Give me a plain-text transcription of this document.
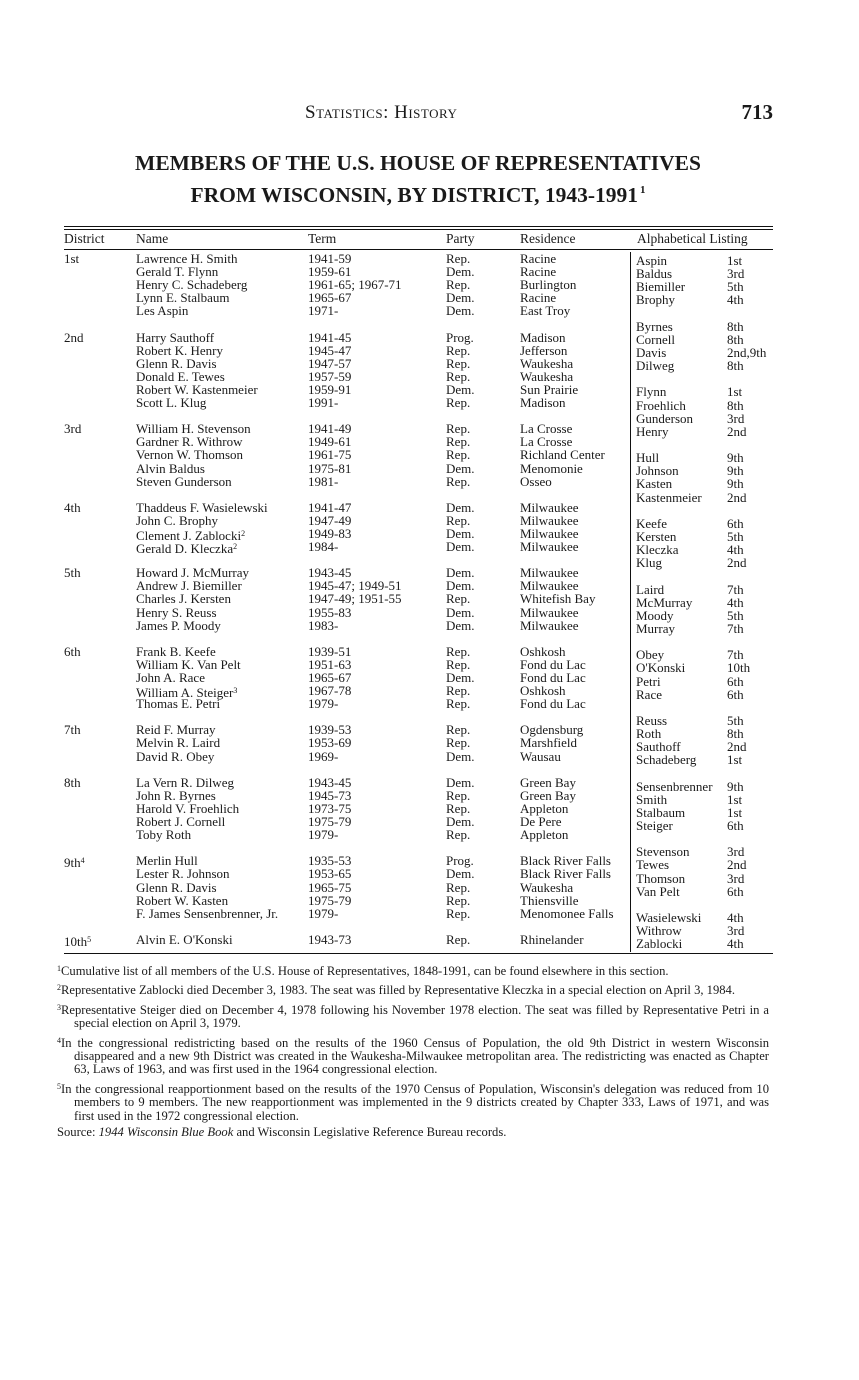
Statistics: History	713
MEMBERS OF THE U.S. HOUSE OF REPRESENTATIVES
FROM WISCONSIN, BY DISTRICT, 1943-1991 $^1$
District Name	Term	Party	Residence	Alphabetical Listing
1st	Lawrence H. Smith	1941-59	Rep.	Racine
Gerald T. Flynn	1959-61	Dem.	Racine
Henry C. Schadeberg	1961-65; 1967-71	Rep.	Burlington
Lynn E. Stalbaum	1965-67	Dem.	Racine
Les Aspin	1971-	Dem.	East Troy
2nd	Harry Sauthoff	1941-45	Prog.	Madison
Robert K. Henry	1945-47	Rep.	Jefferson
Glenn R. Davis	1947-57	Rep.	Waukesha
Donald E. Tewes	1957-59	Rep.	Waukesha
Robert W. Kastenmeier	1959-91	Dem.	Sun Prairie
Scott L. Klug	1991-	Rep.	Madison
3rd	William H. Stevenson	1941-49	Rep.	La Crosse
Gardner R. Withrow	1949-61	Rep.	La Crosse
Vernon W. Thomson	1961-75	Rep.	Richland Center
Alvin Baldus	1975-81	Dem.	Menomonie
Steven Gunderson	1981-	Rep.	Osseo
4th	Thaddeus F. Wasielewski	1941-47	Dem.	Milwaukee
John C. Brophy	1947-49	Rep.	Milwaukee
Clement J. Zablocki$^2$	1949-83	Dem.	Milwaukee
Gerald D. Kleczka$^2$	1984-	Dem.	Milwaukee
5th	Howard J. McMurray	1943-45	Dem.	Milwaukee
Andrew J. Biemiller	1945-47; 1949-51	Dem.	Milwaukee
Charles J. Kersten	1947-49; 1951-55	Rep.	Whitefish Bay
Henry S. Reuss	1955-83	Dem.	Milwaukee
James P. Moody	1983-	Dem.	Milwaukee
6th	Frank B. Keefe	1939-51	Rep.	Oshkosh
William K. Van Pelt	1951-63	Rep.	Fond du Lac
John A. Race	1965-67	Dem.	Fond du Lac
William A. Steiger$^3$	1967-78	Rep.	Oshkosh
Thomas E. Petri	1979-	Rep.	Fond du Lac
7th	Reid F. Murray	1939-53	Rep.	Ogdensburg
Melvin R. Laird	1953-69	Rep.	Marshfield
David R. Obey	1969-	Dem.	Wausau
8th	La Vern R. Dilweg	1943-45	Dem.	Green Bay
John R. Byrnes	1945-73	Rep.	Green Bay
Harold V. Froehlich	1973-75	Rep.	Appleton
Robert J. Cornell	1975-79	Dem.	De Pere
Toby Roth	1979-	Rep.	Appleton
$9th^4$	Merlin Hull	1935-53	Prog.	Black River Falls
Lester R. Johnson	1953-65	Dem.	Black River Falls
Glenn R. Davis	1965-75	Rep.	Waukesha
Robert W. Kasten	1975-79	Rep.	Thiensville
F. James Sensenbrenner, Jr. 1979-	Rep.	Menomonee Falls
$10th^5$	Alvin E. O'Konski	1943-73	Rep.	Rhinelander
Aspin	1st
Baldus	3rd
Biemiller	5th
Brophy	4th
Byrnes	8th
Cornell	8th
Davis	2nd,9th
Dilweg	8th
Flynn	1st
Froehlich	8th
Gunderson	3rd
Henry	2nd
Hull	9th
Johnson	9th
Kasten	9th
Kastenmeier 2nd
Keefe	6th
Kersten	5th
Kleczka	4th
Klug	2nd
Laird	7th
McMurray	4th
Moody	5th
Murray	7th
Obey	7th
O'Konski	10th
Petri	6th
Race	6th
Reuss	5th
Roth	8th
Sauthoff	2nd
Schadeberg 1st
Sensenbrenner 9th
Smith	1st
Stalbaum	1st
Steiger	6th
Stevenson	3rd
Tewes	2nd
Thomson	3rd
Van Pelt	6th
Wasielewski 4th
Withrow	3rd
Zablocki	4th
$^1$Cumulative list of all members of the U.S. House of Representatives, 1848-1991, can be found elsewhere in this section.
$^2$Representative Zablocki died December 3, 1983. The seat was filled by Representative Kleczka in a special election on April 3, 1984.
$^3$Representative Steiger died on December 4, 1978 following his November 1978 election. The seat was filled by Representative Petri in a special election on April 3, 1979.
$^4$In the congressional redistricting based on the results of the 1960 Census of Population, the old 9th District in western Wisconsin disappeared and a new 9th District was created in the Waukesha-Milwaukee metropolitan area. The redistricting was enacted as Chapter 63, Laws of 1963, and was first used in the 1964 congressional election.
$^5$In the congressional reapportionment based on the results of the 1970 Census of Population, Wisconsin's delegation was reduced from 10 members to 9 members. The new reapportionment was implemented in the 9 districts created by Chapter 333, Laws of 1971, and was first used in the 1972 congressional election.
Source: 1944 Wisconsin Blue Book and Wisconsin Legislative Reference Bureau records.
